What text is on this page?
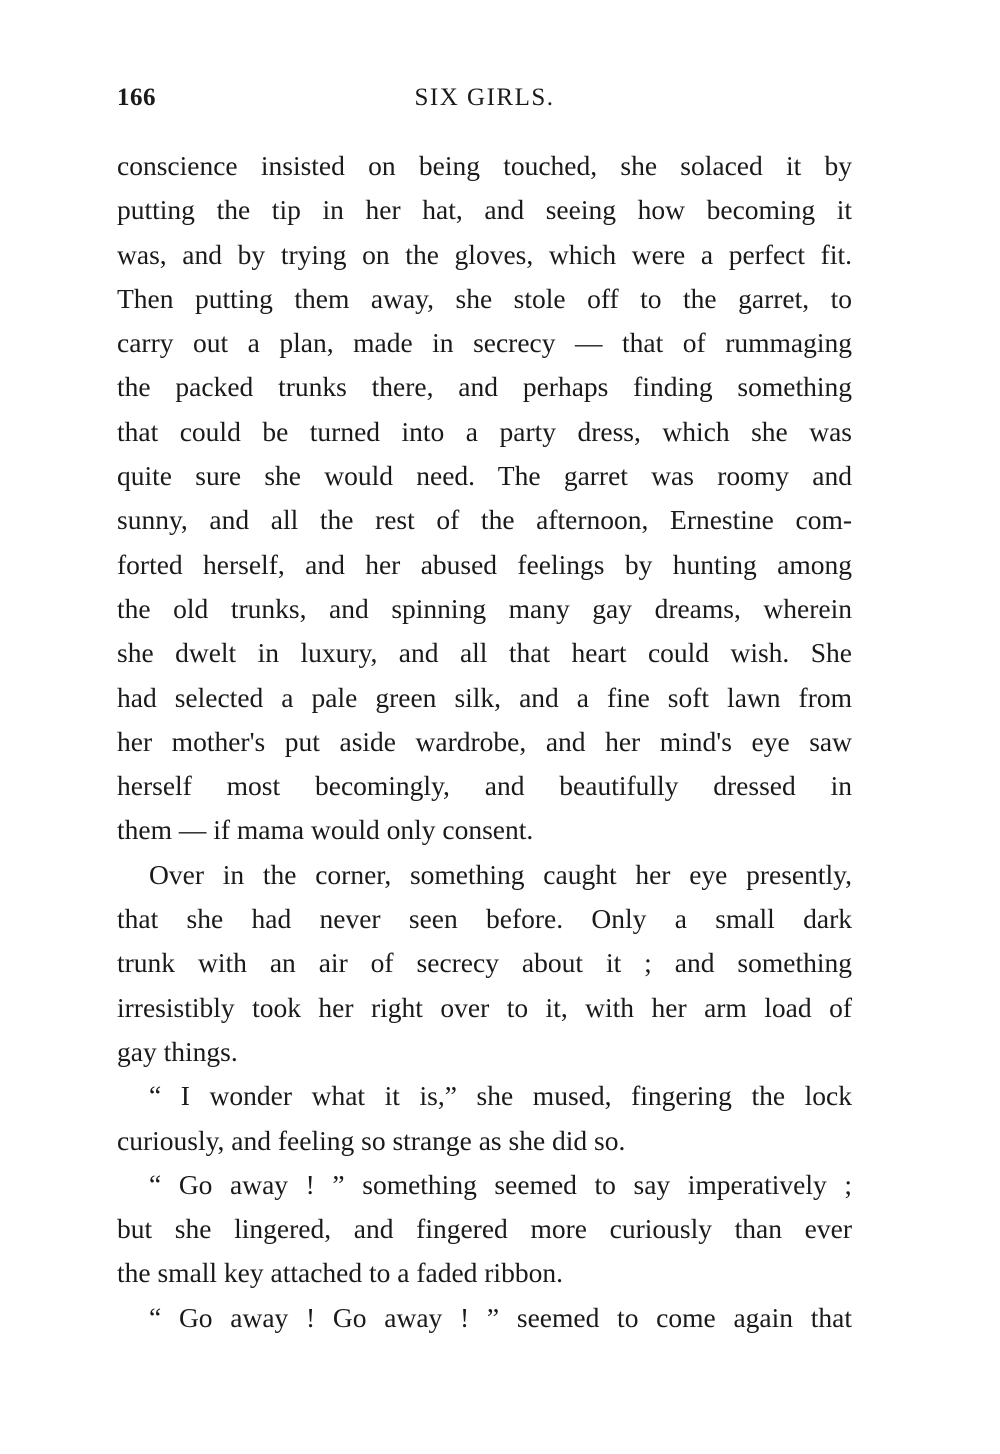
166	SIX GIRLS.
conscience insisted on being touched, she solaced it by
putting the tip in her hat, and seeing how becoming it
was, and by trying on the gloves, which were a perfect fit.
Then putting them away, she stole off to the garret, to
carry out a plan, made in secrecy — that of rummaging
the packed trunks there, and perhaps finding something
that could be turned into a party dress, which she was
quite sure she would need. The garret was roomy and
sunny, and all the rest of the afternoon, Ernestine com-
forted herself, and her abused feelings by hunting among
the old trunks, and spinning many gay dreams, wherein
she dwelt in luxury, and all that heart could wish. She
had selected a pale green silk, and a fine soft lawn from
her mother's put aside wardrobe, and her mind's eye saw
herself most becomingly, and beautifully dressed in
them — if mama would only consent.
Over in the corner, something caught her eye presently,
that she had never seen before. Only a small dark
trunk with an air of secrecy about it ; and something
irresistibly took her right over to it, with her arm load of
gay things.
“ I wonder what it is,” she mused, fingering the lock
curiously, and feeling so strange as she did so.
“ Go away ! ” something seemed to say imperatively ;
but she lingered, and fingered more curiously than ever
the small key attached to a faded ribbon.
“ Go away ! Go away ! ” seemed to come again that
